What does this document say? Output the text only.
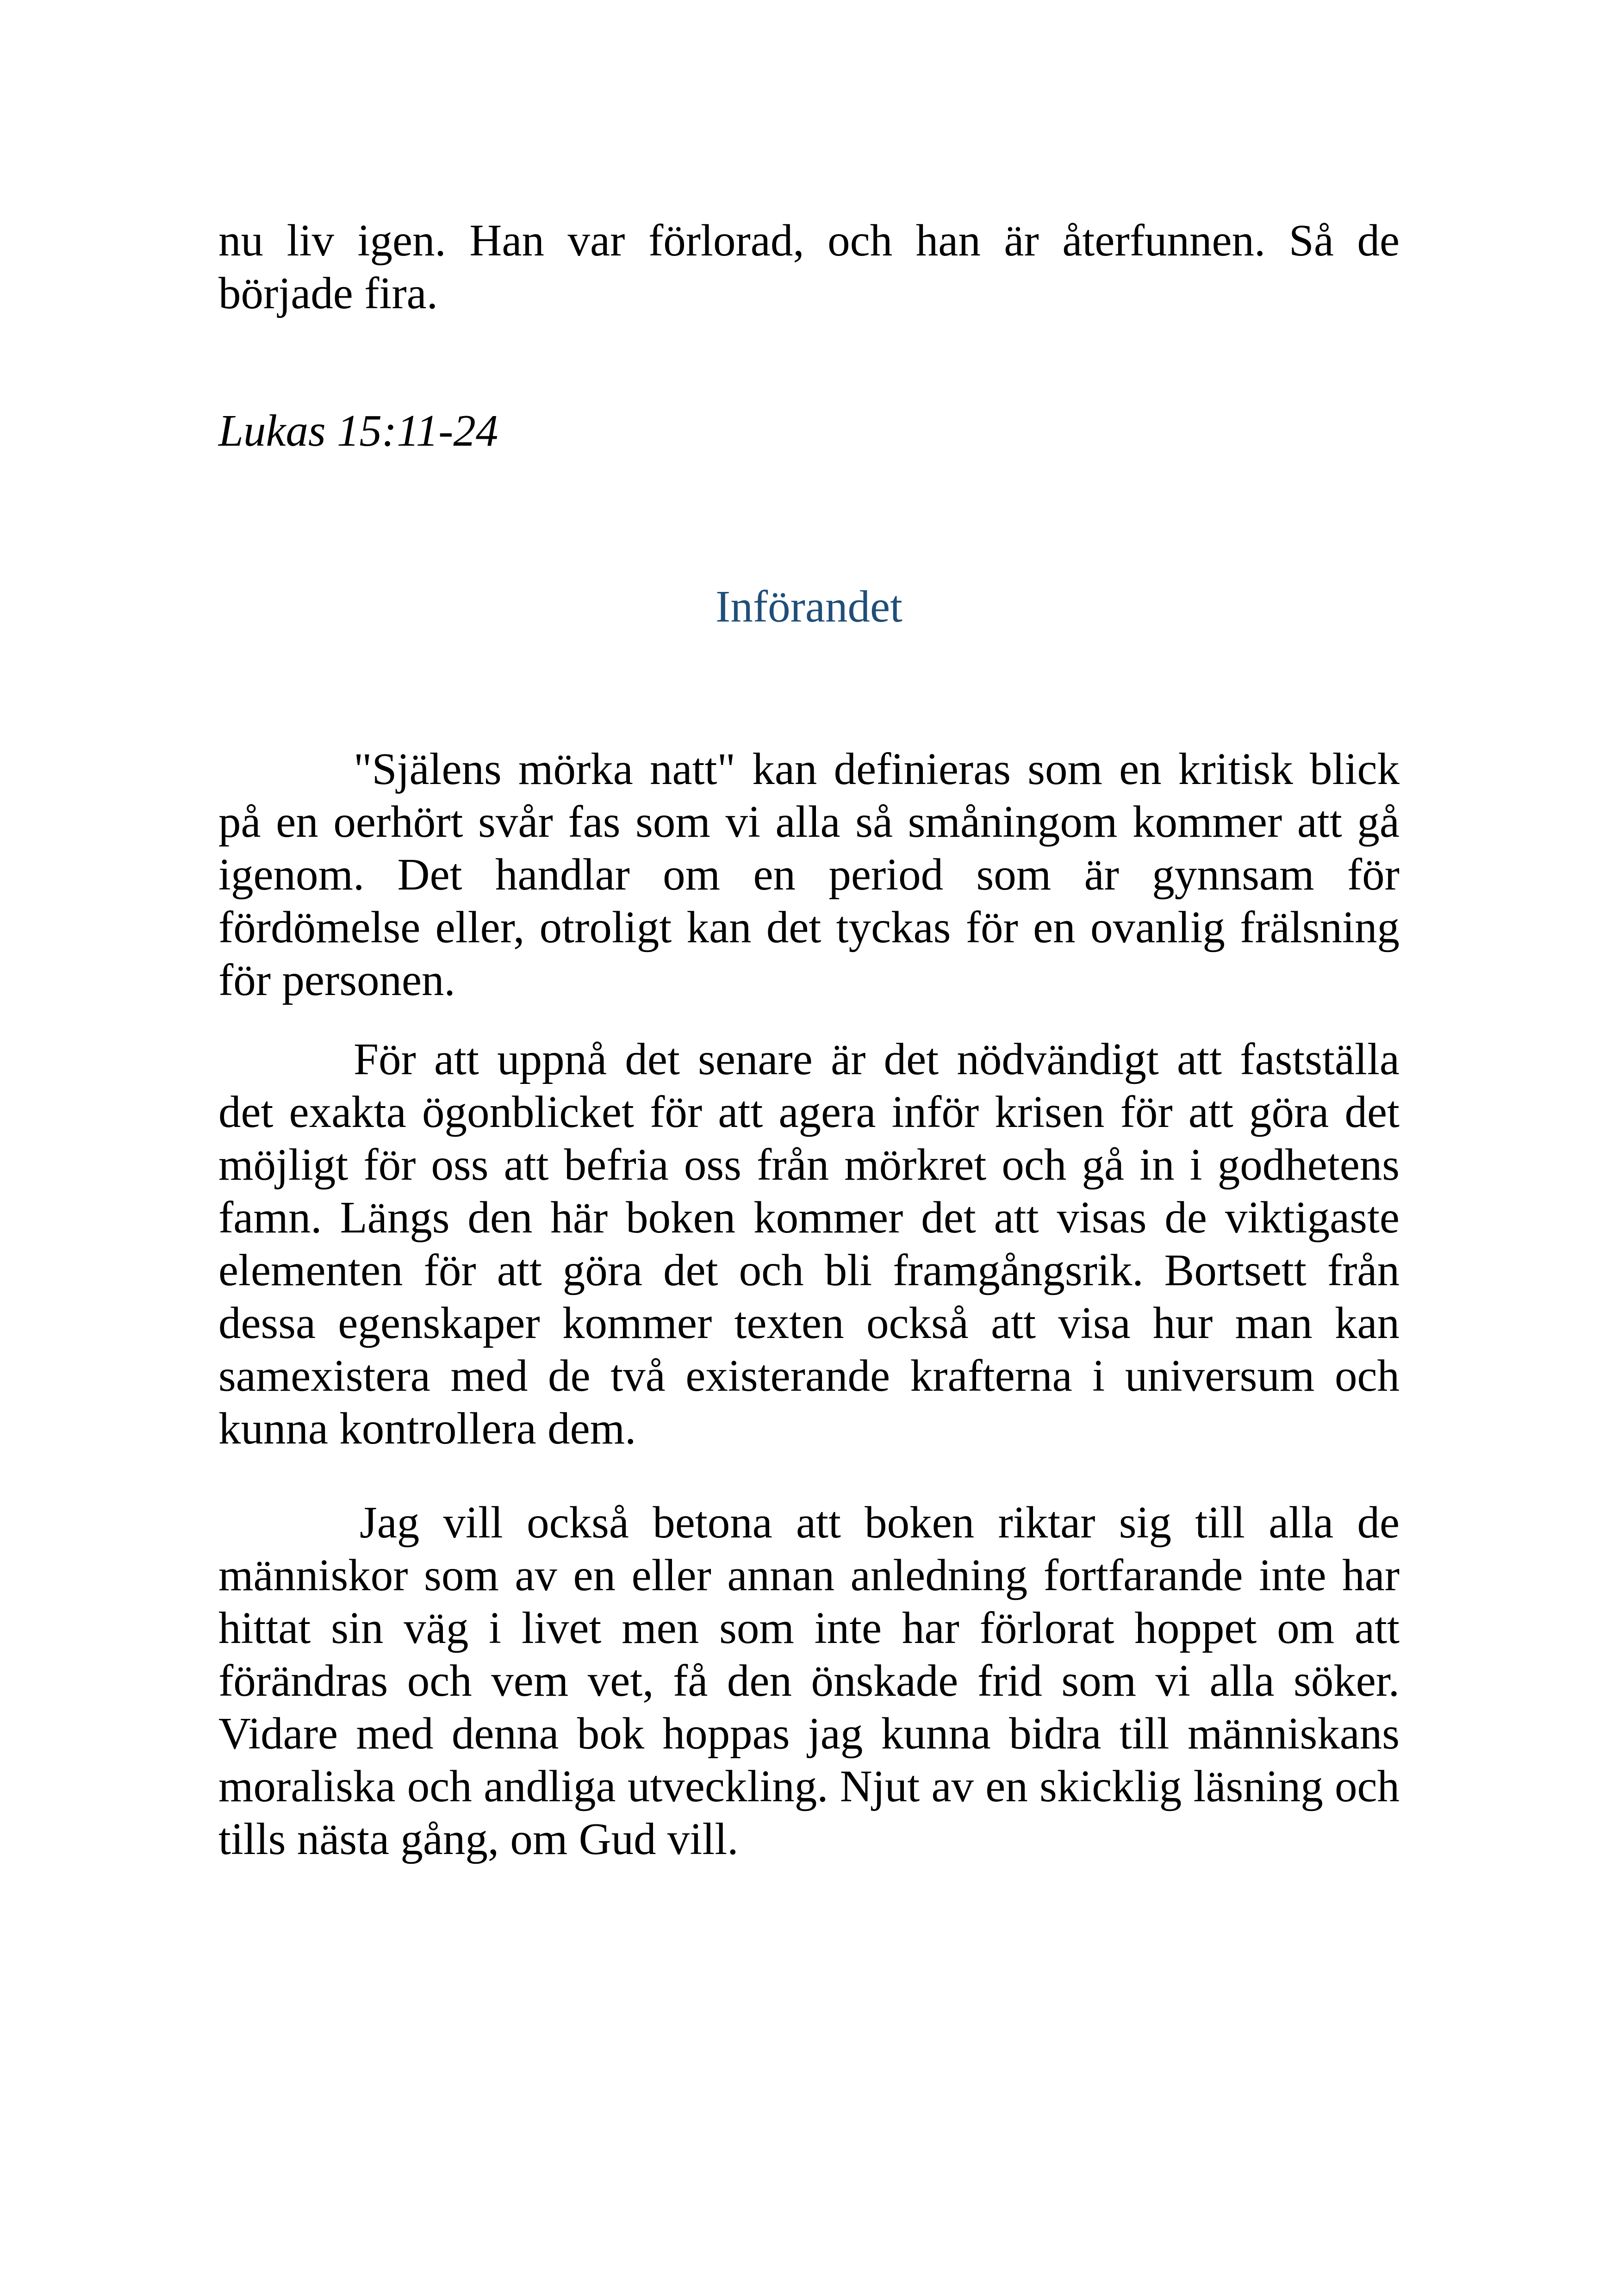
nu liv igen. Han var förlorad, och han är återfunnen. Så de började fira.

Lukas 15:11-24

Införandet

"Själens mörka natt" kan definieras som en kritisk blick på en oerhört svår fas som vi alla så småningom kommer att gå igenom. Det handlar om en period som är gynnsam för fördömelse eller, otroligt kan det tyckas för en ovanlig frälsning för personen.

För att uppnå det senare är det nödvändigt att fastställa det exakta ögonblicket för att agera inför krisen för att göra det möjligt för oss att befria oss från mörkret och gå in i godhetens famn. Längs den här boken kommer det att visas de viktigaste elementen för att göra det och bli framgångsrik. Bortsett från dessa egenskaper kommer texten också att visa hur man kan samexistera med de två existerande krafterna i universum och kunna kontrollera dem.

Jag vill också betona att boken riktar sig till alla de människor som av en eller annan anledning fortfarande inte har hittat sin väg i livet men som inte har förlorat hoppet om att förändras och vem vet, få den önskade frid som vi alla söker. Vidare med denna bok hoppas jag kunna bidra till människans moraliska och andliga utveckling. Njut av en skicklig läsning och tills nästa gång, om Gud vill.
